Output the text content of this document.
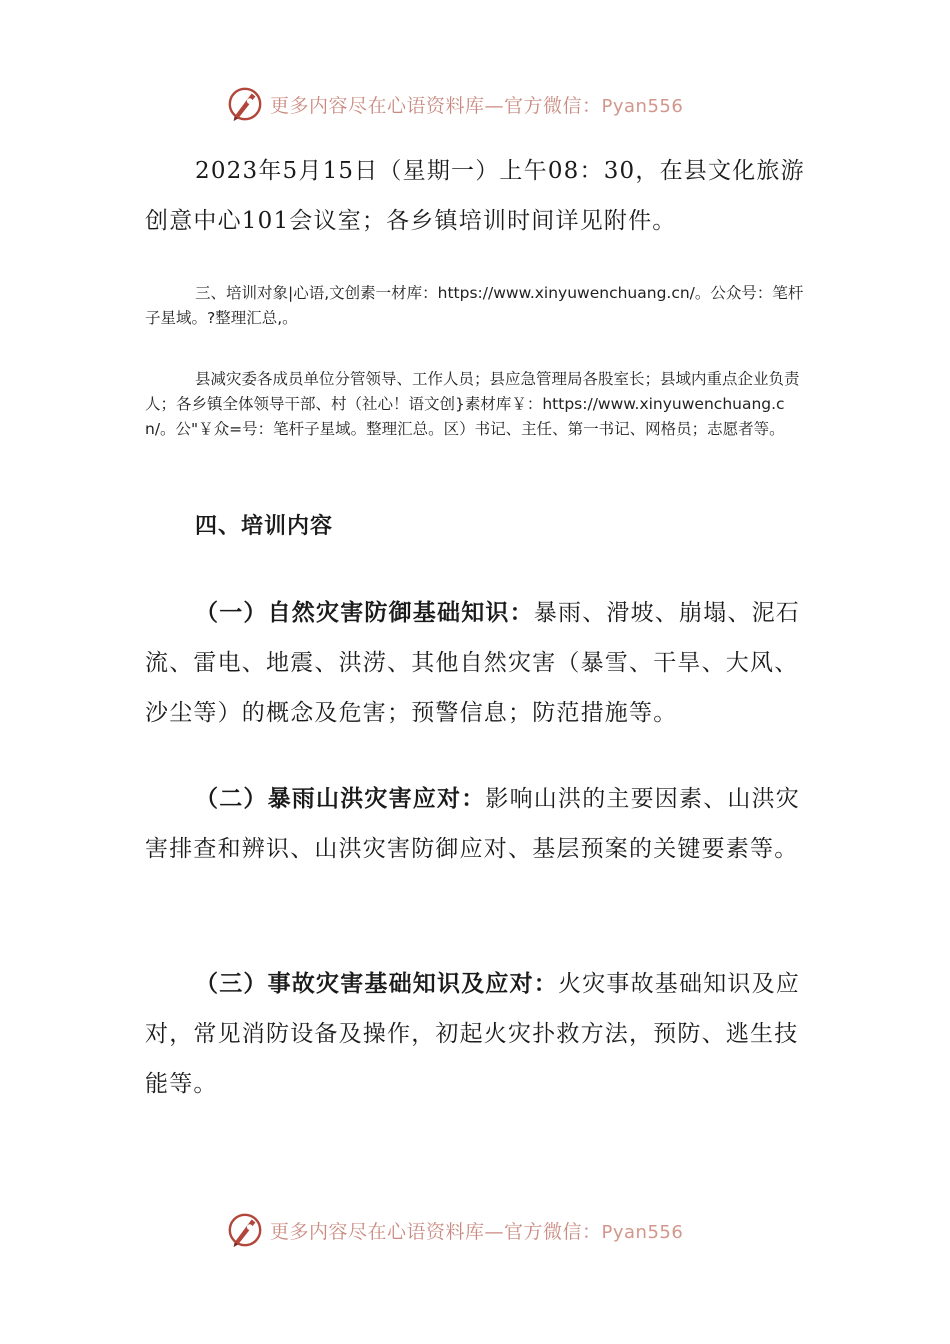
更多内容尽在心语资料库—官方微信：Pyan556

2023年5月15日（星期一）上午08：30，在县文化旅游创意中心101会议室；各乡镇培训时间详见附件。

三、培训对象|心语,文创素一材库：https://www.xinyuwenchuang.cn/。公众号：笔杆子星域。?整理汇总,。

县减灾委各成员单位分管领导、工作人员；县应急管理局各股室长；县域内重点企业负责人；各乡镇全体领导干部、村（社心！语文创}素材库￥：https://www.xinyuwenchuang.cn/。公"￥众=号：笔杆子星域。整理汇总。区）书记、主任、第一书记、网格员；志愿者等。

四、培训内容

（一）自然灾害防御基础知识：暴雨、滑坡、崩塌、泥石流、雷电、地震、洪涝、其他自然灾害（暴雪、干旱、大风、沙尘等）的概念及危害；预警信息；防范措施等。

（二）暴雨山洪灾害应对：影响山洪的主要因素、山洪灾害排查和辨识、山洪灾害防御应对、基层预案的关键要素等。

（三）事故灾害基础知识及应对：火灾事故基础知识及应对，常见消防设备及操作，初起火灾扑救方法，预防、逃生技能等。

更多内容尽在心语资料库—官方微信：Pyan556
